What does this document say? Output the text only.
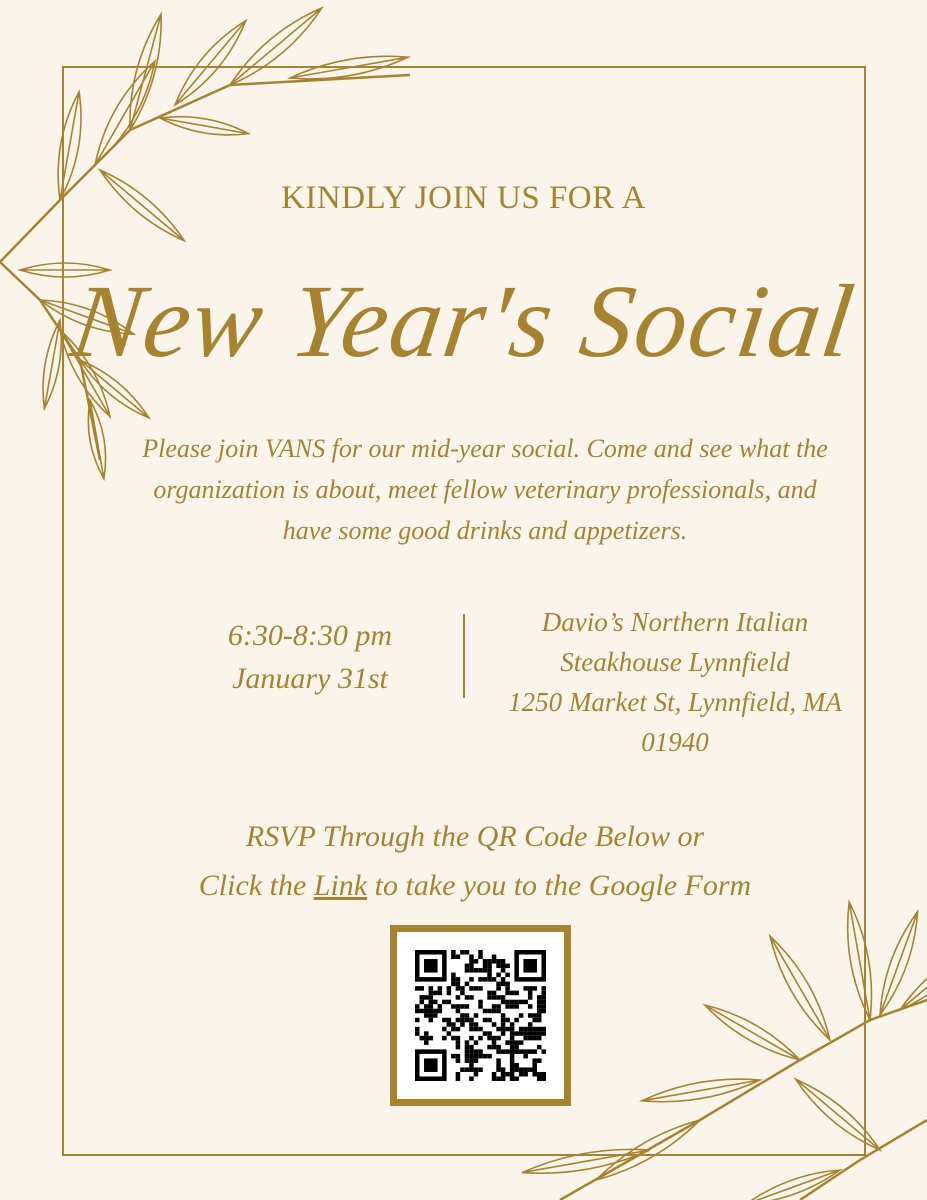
KINDLY JOIN US FOR A
New Year's Social
Please join VANS for our mid-year social. Come and see what the organization is about, meet fellow veterinary professionals, and have some good drinks and appetizers.
6:30-8:30 pm
January 31st
Davio’s Northern Italian
Steakhouse Lynnfield
1250 Market St, Lynnfield, MA
01940
RSVP Through the QR Code Below or
Click the Link to take you to the Google Form
